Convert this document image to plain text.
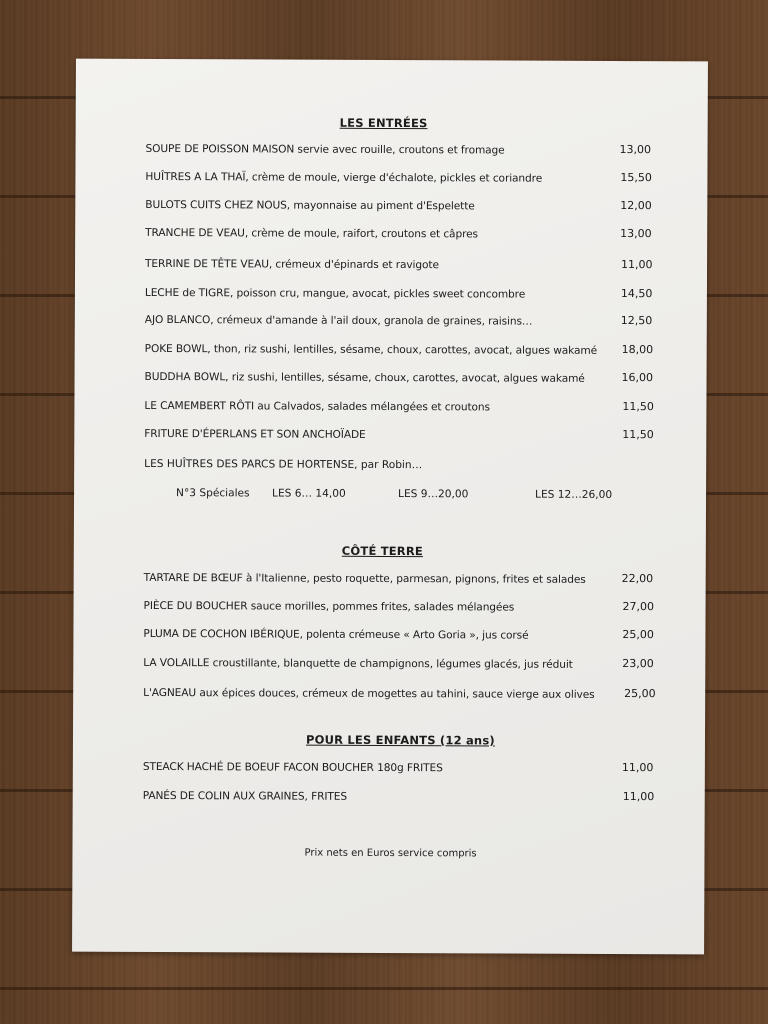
LES ENTRÉES
SOUPE DE POISSON MAISON servie avec rouille, croutons et fromage	13,00
HUÎTRES A LA THAÏ, crème de moule, vierge d'échalote, pickles et coriandre	15,50
BULOTS CUITS CHEZ NOUS, mayonnaise au piment d'Espelette	12,00
TRANCHE DE VEAU, crème de moule, raifort, croutons et câpres	13,00
TERRINE DE TÊTE VEAU, crémeux d'épinards et ravigote	11,00
LECHE de TIGRE, poisson cru, mangue, avocat, pickles sweet concombre	14,50
AJO BLANCO, crémeux d'amande à l'ail doux, granola de graines, raisins…	12,50
POKE BOWL, thon, riz sushi, lentilles, sésame, choux, carottes, avocat, algues wakamé 18,00
BUDDHA BOWL, riz sushi, lentilles, sésame, choux, carottes, avocat, algues wakamé	16,00
LE CAMEMBERT RÔTI au Calvados, salades mélangées et croutons	11,50
FRITURE D'ÉPERLANS ET SON ANCHOÏADE	11,50
LES HUÎTRES DES PARCS DE HORTENSE, par Robin…
N°3 Spéciales LES 6… 14,00	LES 9…20,00	LES 12…26,00
CÔTÉ TERRE
TARTARE DE BŒUF à l'Italienne, pesto roquette, parmesan, pignons, frites et salades	22,00
PIÈCE DU BOUCHER sauce morilles, pommes frites, salades mélangées	27,00
PLUMA DE COCHON IBÉRIQUE, polenta crémeuse « Arto Goria », jus corsé	25,00
LA VOLAILLE croustillante, blanquette de champignons, légumes glacés, jus réduit	23,00
L'AGNEAU aux épices douces, crémeux de mogettes au tahini, sauce vierge aux olives	25,00
POUR LES ENFANTS (12 ans)
STEACK HACHÉ DE BOEUF FACON BOUCHER 180g FRITES	11,00
PANÉS DE COLIN AUX GRAINES, FRITES	11,00
Prix nets en Euros service compris
